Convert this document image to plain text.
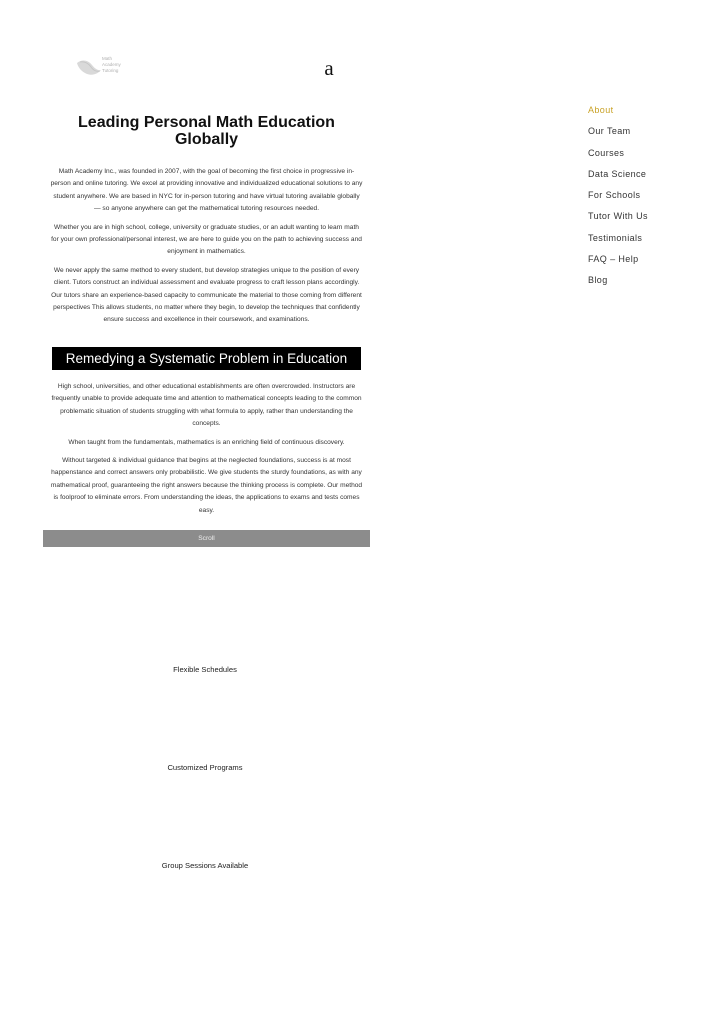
Math
Academy
Tutoring	a
About
Our Team
Courses
Data Science
For Schools
Tutor With Us
Testimonials
FAQ – Help
Blog
Leading Personal Math Education Globally

Math Academy Inc., was founded in 2007, with the goal of becoming the first choice in progressive in-person and online tutoring. We excel at providing innovative and individualized educational solutions to any student anywhere. We are based in NYC for in-person tutoring and have virtual tutoring available globally — so anyone anywhere can get the mathematical tutoring resources needed.

Whether you are in high school, college, university or graduate studies, or an adult wanting to learn math for your own professional/personal interest, we are here to guide you on the path to achieving success and enjoyment in mathematics.

We never apply the same method to every student, but develop strategies unique to the position of every client. Tutors construct an individual assessment and evaluate progress to craft lesson plans accordingly. Our tutors share an experience-based capacity to communicate the material to those coming from different perspectives This allows students, no matter where they begin, to develop the techniques that confidently ensure success and excellence in their coursework, and examinations.

Remedying a Systematic Problem in Education

High school, universities, and other educational establishments are often overcrowded. Instructors are frequently unable to provide adequate time and attention to mathematical concepts leading to the common problematic situation of students struggling with what formula to apply, rather than understanding the concepts.

When taught from the fundamentals, mathematics is an enriching field of continuous discovery.

Without targeted & individual guidance that begins at the neglected foundations, success is at most happenstance and correct answers only probabilistic. We give students the sturdy foundations, as with any mathematical proof, guaranteeing the right answers because the thinking process is complete. Our method is foolproof to eliminate errors. From understanding the ideas, the applications to exams and tests comes easy.

Scroll
Flexible Schedules
Customized Programs
Group Sessions Available
